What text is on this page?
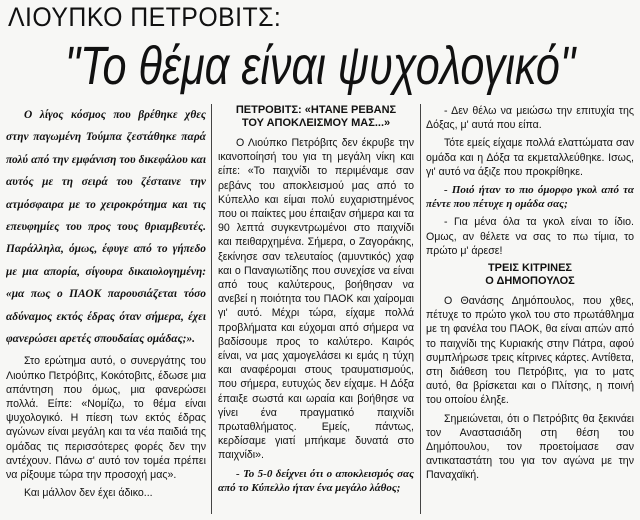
ΛΙΟΥΠΚΟ ΠΕΤΡΟΒΙΤΣ:
"Το θέμα είναι ψυχολογικό"

Ο λίγος κόσμος που βρέθηκε χθες στην παγωμένη Τούμπα ζεστάθηκε παρά πολύ από την εμφάνιση του δικεφάλου και αυτός με τη σειρά του ζέσταινε την ατμόσφαιρα με το χειροκρότημα και τις επευφημίες του προς τους θριαμβευτές. Παράλληλα, όμως, έφυγε από το γήπεδο με μια απορία, σίγουρα δικαιολογημένη: «μα πως ο ΠΑΟΚ παρουσιάζεται τόσο αδύναμος εκτός έδρας όταν σήμερα, έχει φανερώσει αρετές σπουδαίας ομάδας;».

Στο ερώτημα αυτό, ο συνεργάτης του Λιούπκο Πετρόβιτς, Κοκότοβιτς, έδωσε μια απάντηση που όμως, μια φανερώσει πολλά. Είπε: «Νομίζω, το θέμα είναι ψυχολογικό. Η πίεση των εκτός έδρας αγώνων είναι μεγάλη και τα νέα παιδιά της ομάδας τις περισσότερες φορές δεν την αντέχουν. Πάνω σ' αυτό τον τομέα πρέπει να ρίξουμε τώρα την προσοχή μας».

Και μάλλον δεν έχει άδικο...

ΠΕΤΡΟΒΙΤΣ: «ΗΤΑΝΕ ΡΕΒΑΝΣ
ΤΟΥ ΑΠΟΚΛΕΙΣΜΟΥ ΜΑΣ...»

Ο Λιούπκο Πετρόβιτς δεν έκρυβε την ικανοποίησή του για τη μεγάλη νίκη και είπε: «Το παιχνίδι το περιμέναμε σαν ρεβάνς του αποκλεισμού μας από το Κύπελλο και είμαι πολύ ευχαριστημένος που οι παίκτες μου έπαιξαν σήμερα και τα 90 λεπτά συγκεντρωμένοι στο παιχνίδι και πειθαρχημένα. Σήμερα, ο Ζαγοράκης, ξεκίνησε σαν τελευταίος (αμυντικός) χαφ και ο Παναγιωτίδης που συνεχίσε να είναι από τους καλύτερους, βοήθησαν να ανεβεί η ποιότητα του ΠΑΟΚ και χαίρομαι γι' αυτό. Μέχρι τώρα, είχαμε πολλά προβλήματα και εύχομαι από σήμερα να βαδίσουμε προς το καλύτερο. Καιρός είναι, να μας χαμογελάσει κι εμάς η τύχη και αναφέρομαι στους τραυματισμούς, που σήμερα, ευτυχώς δεν είχαμε. Η Δόξα έπαιξε σωστά και ωραία και βοήθησε να γίνει ένα πραγματικό παιχνίδι πρωταθλήματος. Εμείς, πάντως, κερδίσαμε γιατί μπήκαμε δυνατά στο παιχνίδι».

- Το 5-0 δείχνει ότι ο αποκλεισμός σας από το Κύπελλο ήταν ένα μεγάλο λάθος;

- Δεν θέλω να μειώσω την επιτυχία της Δόξας, μ' αυτά που είπα.

Τότε εμείς είχαμε πολλά ελαττώματα σαν ομάδα και η Δόξα τα εκμεταλλεύθηκε. Ισως, γι' αυτό να άξιζε που προκρίθηκε.

- Ποιό ήταν το πιο όμορφο γκολ από τα πέντε που πέτυχε η ομάδα σας;

- Για μένα όλα τα γκολ είναι το ίδιο. Ομως, αν θέλετε να σας το πω τίμια, το πρώτο μ' άρεσε!

ΤΡΕΙΣ ΚΙΤΡΙΝΕΣ
Ο ΔΗΜΟΠΟΥΛΟΣ

Ο Θανάσης Δημόπουλος, που χθες, πέτυχε το πρώτο γκολ του στο πρωτάθλημα με τη φανέλα του ΠΑΟΚ, θα είναι απών από το παιχνίδι της Κυριακής στην Πάτρα, αφού συμπλήρωσε τρεις κίτρινες κάρτες. Αντίθετα, στη διάθεση του Πετρόβιτς, για το ματς αυτό, θα βρίσκεται και ο Πλίτσης, η ποινή του οποίου έληξε.

Σημειώνεται, ότι ο Πετρόβιτς θα ξεκινάει τον Αναστασιάδη στη θέση του Δημόπουλου, τον προετοίμασε σαν αντικαταστάτη του για τον αγώνα με την Παναχαϊκή.
